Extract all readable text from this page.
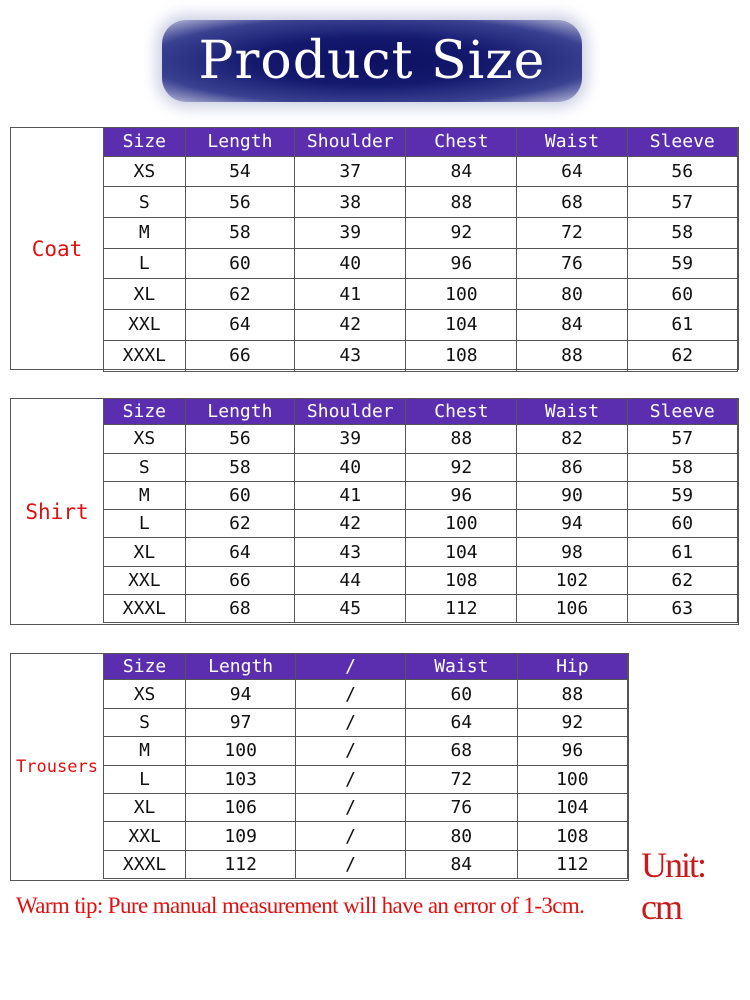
Product Size
Coat
Size	Length	Shoulder	Chest	Waist	Sleeve
XS	54	37	84	64	56
S	56	38	88	68	57
M	58	39	92	72	58
L	60	40	96	76	59
XL	62	41	100	80	60
XXL	64	42	104	84	61
XXXL	66	43	108	88	62
Shirt
Size	Length	Shoulder	Chest	Waist	Sleeve
XS	56	39	88	82	57
S	58	40	92	86	58
M	60	41	96	90	59
L	62	42	100	94	60
XL	64	43	104	98	61
XXL	66	44	108	102	62
XXXL	68	45	112	106	63
Trousers
Size	Length	/	Waist	Hip
XS	94	/	60	88
S	97	/	64	92
M	100	/	68	96
L	103	/	72	100
XL	106	/	76	104
XXL	109	/	80	108
XXXL	112	/	84	112 Unit: cm
Warm tip: Pure manual measurement will have an error of 1-3cm.
